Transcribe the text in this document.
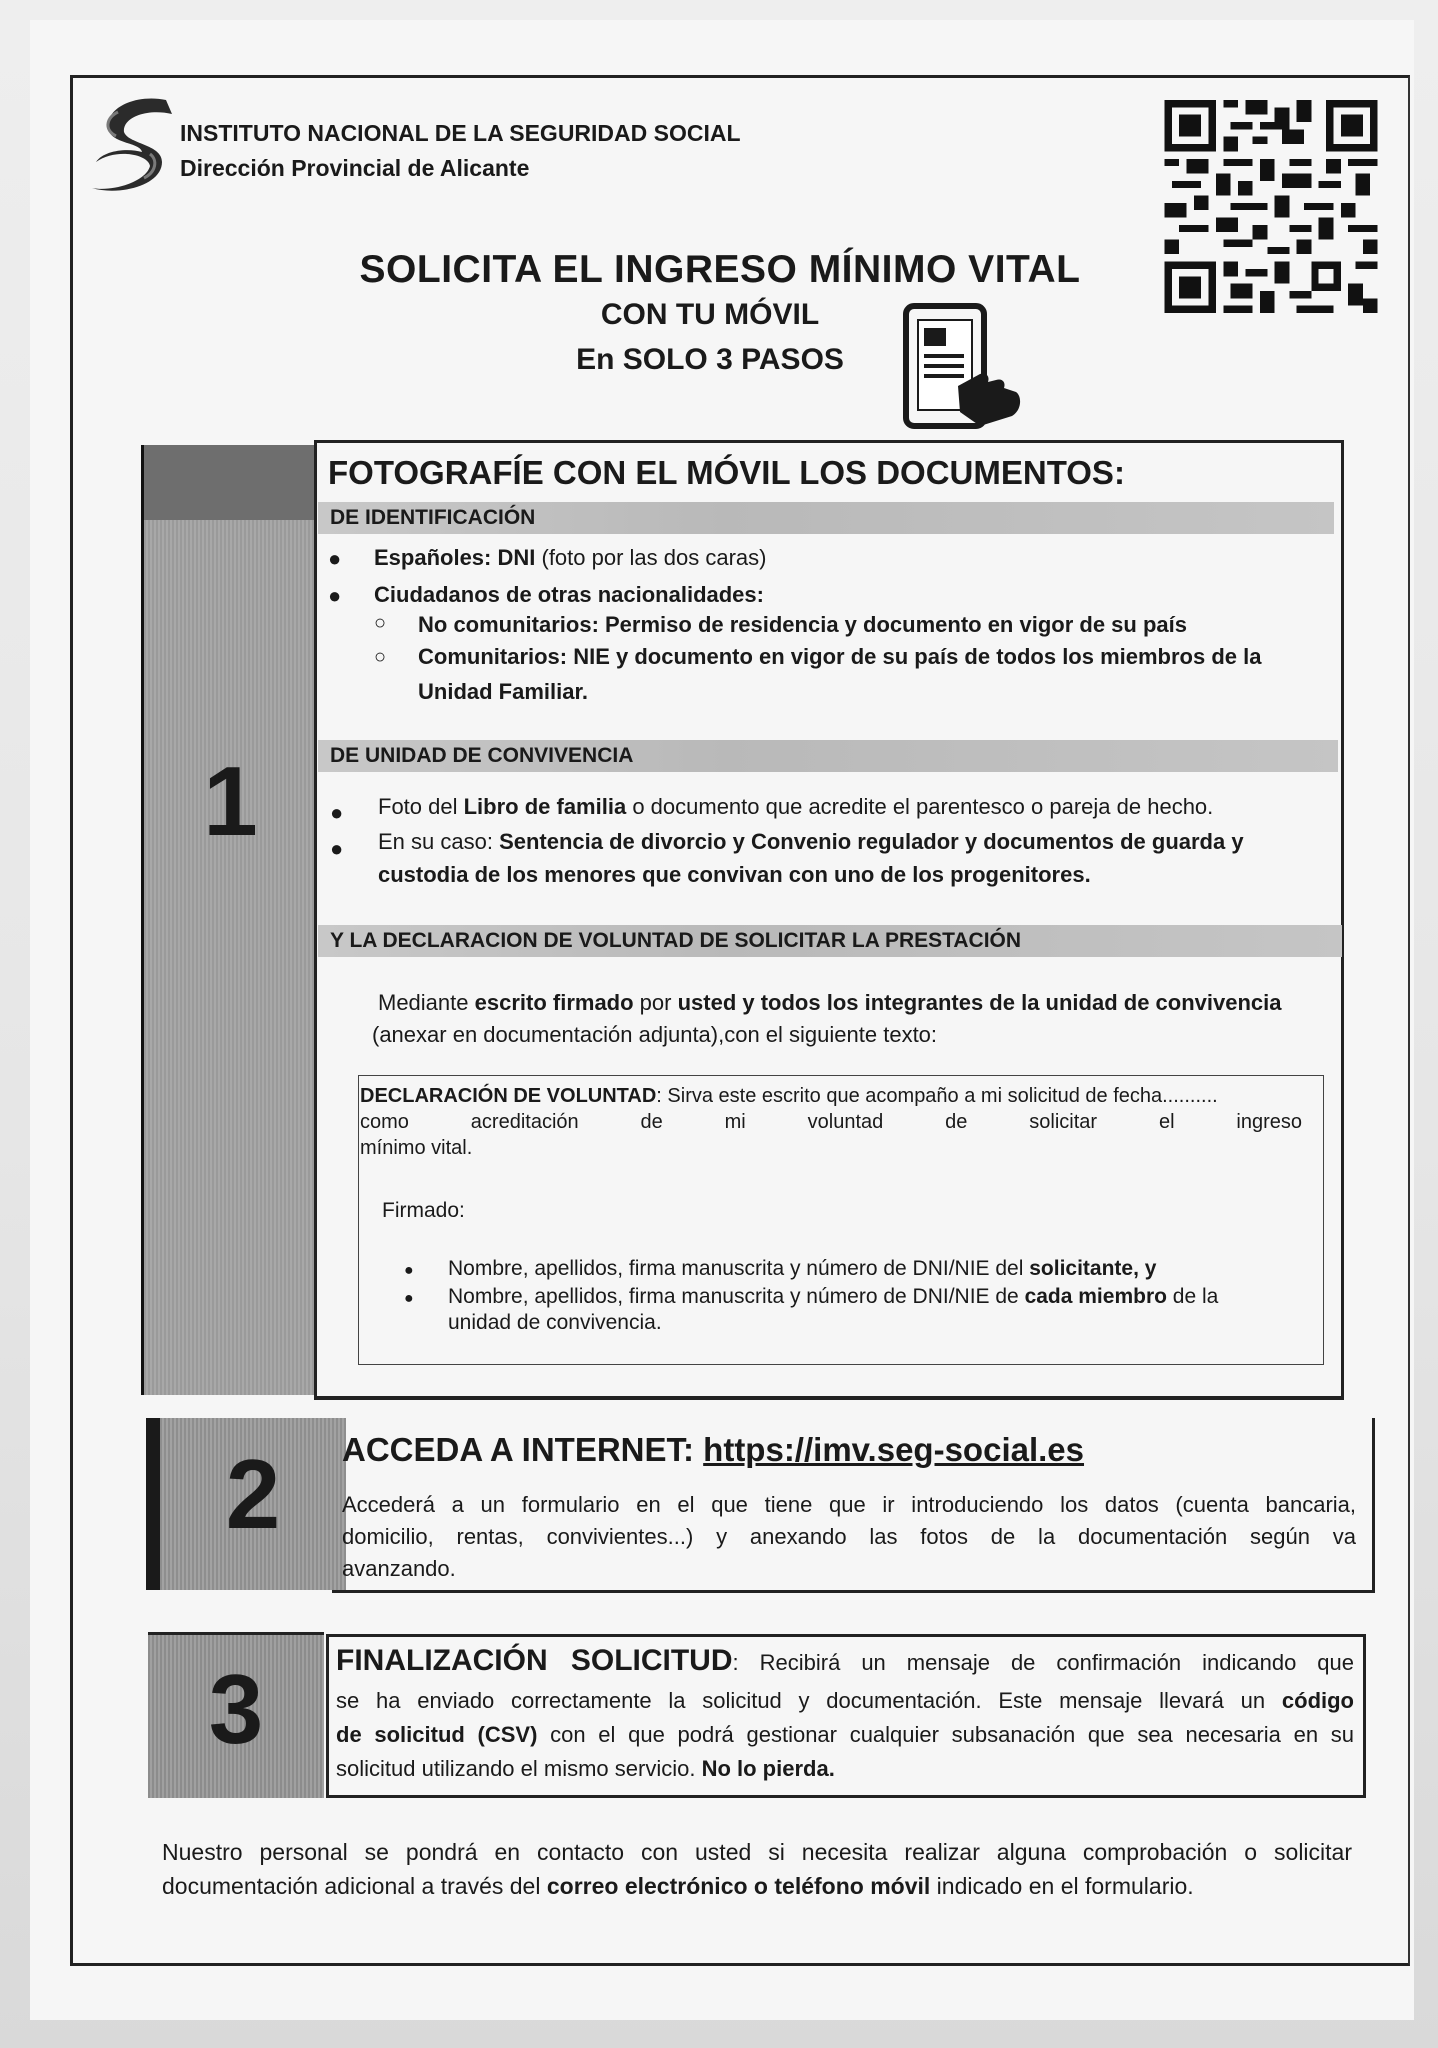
INSTITUTO NACIONAL DE LA SEGURIDAD SOCIAL
Dirección Provincial de Alicante
SOLICITA EL INGRESO MÍNIMO VITAL
CON TU MÓVIL
En SOLO 3 PASOS
1
FOTOGRAFÍE CON EL MÓVIL LOS DOCUMENTOS:
DE IDENTIFICACIÓN
● Españoles: DNI (foto por las dos caras)
● Ciudadanos de otras nacionalidades:
○ No comunitarios: Permiso de residencia y documento en vigor de su país
○ Comunitarios: NIE y documento en vigor de su país de todos los miembros de la
Unidad Familiar.
DE UNIDAD DE CONVIVENCIA
● Foto del Libro de familia o documento que acredite el parentesco o pareja de hecho.
● En su caso: Sentencia de divorcio y Convenio regulador y documentos de guarda y
custodia de los menores que convivan con uno de los progenitores.
Y LA DECLARACION DE VOLUNTAD DE SOLICITAR LA PRESTACIÓN
Mediante escrito firmado por usted y todos los integrantes de la unidad de convivencia
(anexar en documentación adjunta),con el siguiente texto:
DECLARACIÓN DE VOLUNTAD: Sirva este escrito que acompaño a mi solicitud de fecha..........
como acreditación de mi voluntad de solicitar el ingreso
mínimo vital.
Firmado:
● Nombre, apellidos, firma manuscrita y número de DNI/NIE del solicitante, y
● Nombre, apellidos, firma manuscrita y número de DNI/NIE de cada miembro de la
unidad de convivencia.
2	ACCEDA A INTERNET: https://imv.seg-social.es
Accederá a un formulario en el que tiene que ir introduciendo los datos (cuenta bancaria,
domicilio, rentas, convivientes...) y anexando las fotos de la documentación según va
avanzando.
3	FINALIZACIÓN SOLICITUD: Recibirá un mensaje de confirmación indicando que
se ha enviado correctamente la solicitud y documentación. Este mensaje llevará un código
de solicitud (CSV) con el que podrá gestionar cualquier subsanación que sea necesaria en su
solicitud utilizando el mismo servicio. No lo pierda.
Nuestro personal se pondrá en contacto con usted si necesita realizar alguna comprobación o solicitar documentación adicional a través del correo electrónico o teléfono móvil indicado en el formulario.
